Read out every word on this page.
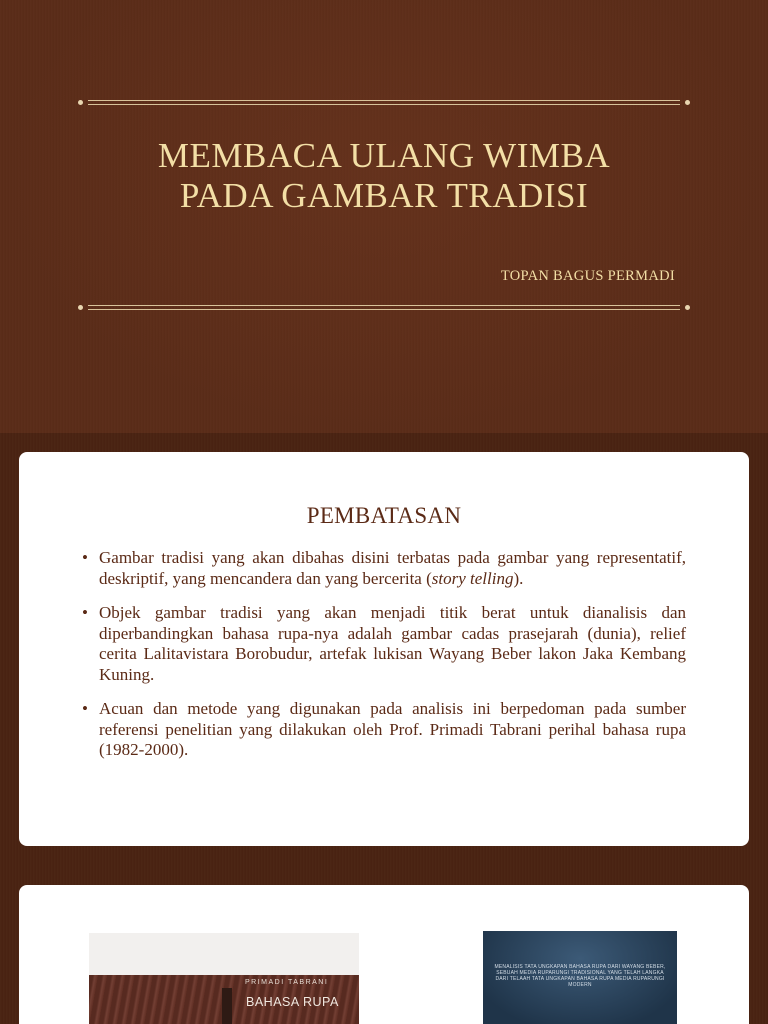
MEMBACA ULANG WIMBA
PADA GAMBAR TRADISI
TOPAN BAGUS PERMADI
PEMBATASAN
• Gambar tradisi yang akan dibahas disini terbatas pada gambar yang representatif, deskriptif, yang mencandera dan yang bercerita (story telling).
• Objek gambar tradisi yang akan menjadi titik berat untuk dianalisis dan diperbandingkan bahasa rupa-nya adalah gambar cadas prasejarah (dunia), relief cerita Lalitavistara Borobudur, artefak lukisan Wayang Beber lakon Jaka Kembang Kuning.
• Acuan dan metode yang digunakan pada analisis ini berpedoman pada sumber referensi penelitian yang dilakukan oleh Prof. Primadi Tabrani perihal bahasa rupa (1982-2000).
PRIMADI TABRANI
BAHASA RUPA
MENALISIS TATA UNGKAPAN BAHASA RUPA DARI WAYANG BEBER, SEBUAH MEDIA RUPARUNGI TRADISIONAL YANG TELAH LANGKA DARI TELAAH TATA UNGKAPAN BAHASA RUPA MEDIA RUPARUNGI MODERN
